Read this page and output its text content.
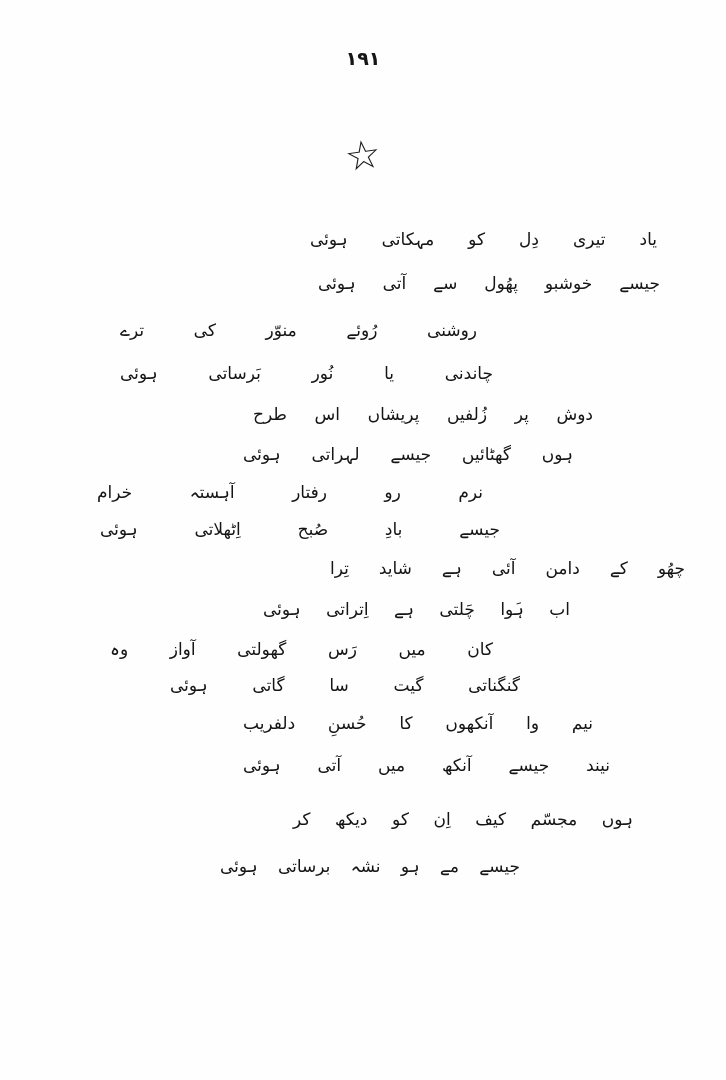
۱۹۱
☆
یاد تیری دِل کو مہکاتی ہوئی
جیسے خوشبو پھُول سے آتی ہوئی
روشنی رُوئے منوّر کی ترے
چاندنی یا نُور بَرساتی ہوئی
دوش پر زُلفیں پریشاں اس طرح
ہوں گھٹائیں جیسے لہراتی ہوئی
نرم رو رفتار آہستہ خرام
جیسے بادِ صُبح اِٹھلاتی ہوئی
چھُو کے دامن آئی ہے شاید تِرا
اب ہَوا چَلتی ہے اِتراتی ہوئی
کان میں رَس گھولتی آواز وہ
گنگناتی گیت سا گاتی ہوئی
نیم وا آنکھوں کا حُسنِ دلفریب
نیند جیسے آنکھ میں آتی ہوئی
ہوں مجسّم کیف اِن کو دیکھ کر
جیسے مے ہو نشہ برساتی ہوئی
